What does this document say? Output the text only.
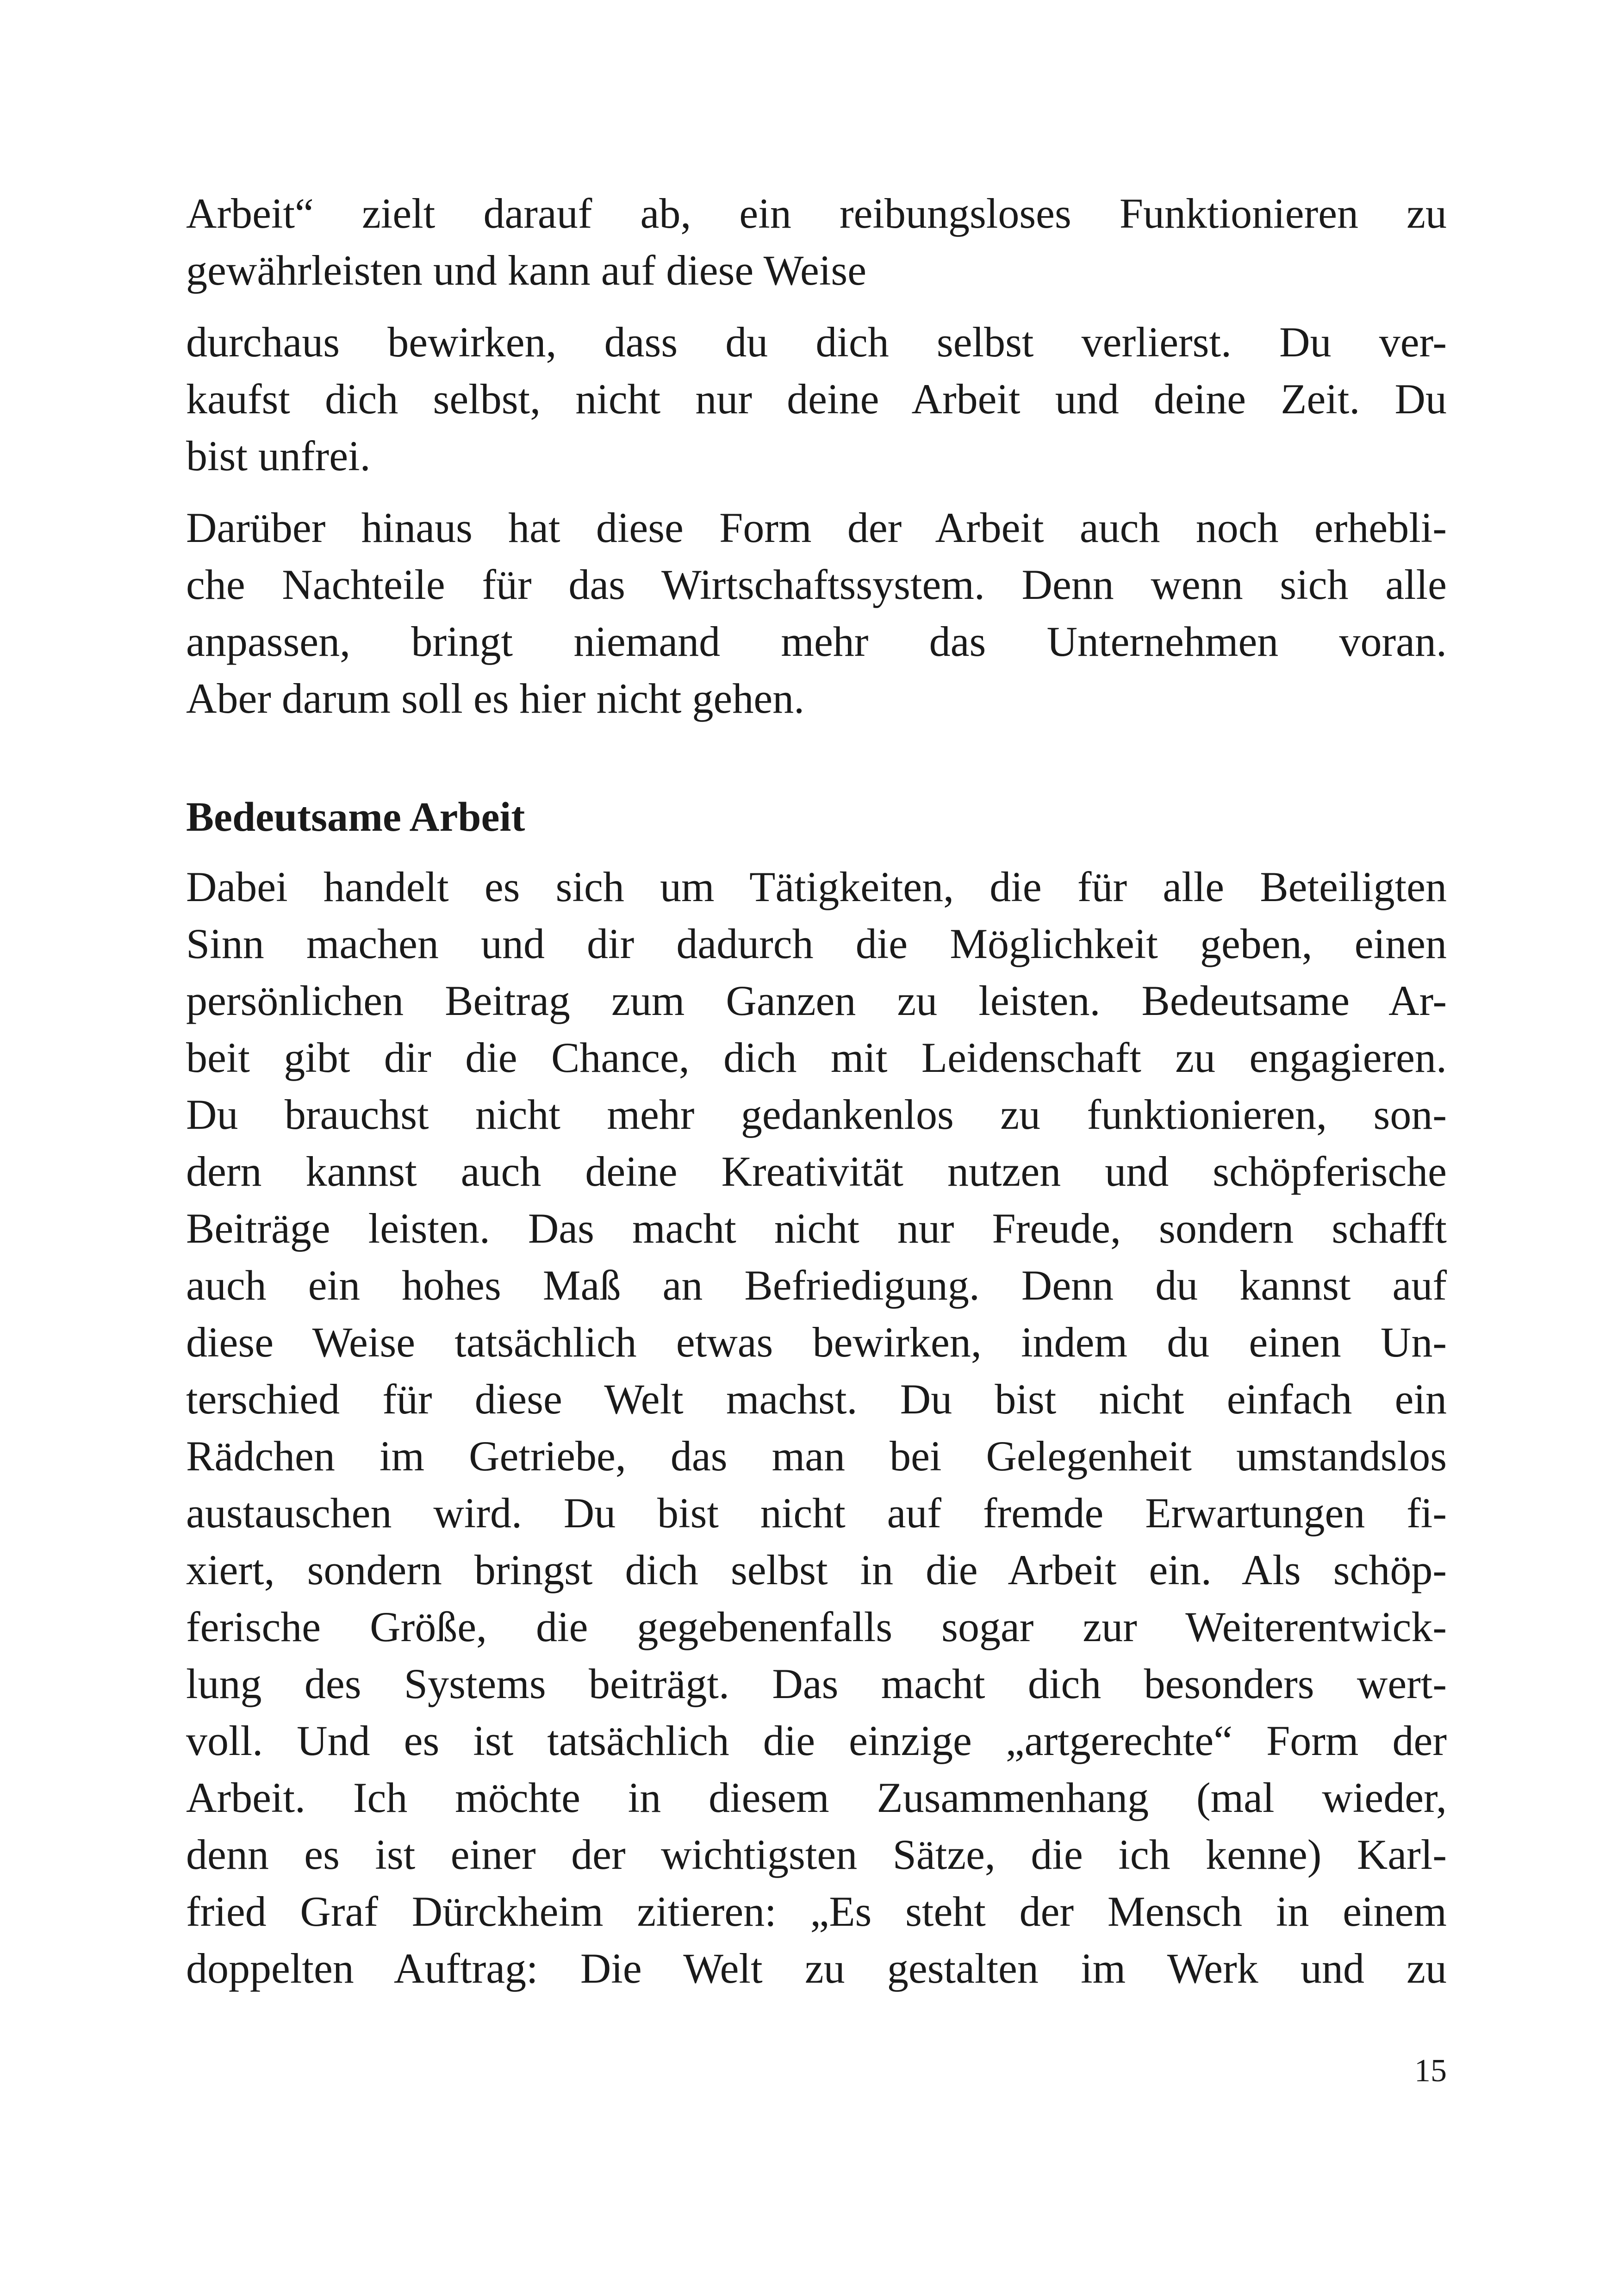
Arbeit“ zielt darauf ab, ein reibungsloses Funktionieren zu
gewährleisten und kann auf diese Weise
durchaus bewirken, dass du dich selbst verlierst. Du ver-
kaufst dich selbst, nicht nur deine Arbeit und deine Zeit. Du
bist unfrei.
Darüber hinaus hat diese Form der Arbeit auch noch erhebli-
che Nachteile für das Wirtschaftssystem. Denn wenn sich alle
anpassen, bringt niemand mehr das Unternehmen voran.
Aber darum soll es hier nicht gehen.
Bedeutsame Arbeit
Dabei handelt es sich um Tätigkeiten, die für alle Beteiligten
Sinn machen und dir dadurch die Möglichkeit geben, einen
persönlichen Beitrag zum Ganzen zu leisten. Bedeutsame Ar-
beit gibt dir die Chance, dich mit Leidenschaft zu engagieren.
Du brauchst nicht mehr gedankenlos zu funktionieren, son-
dern kannst auch deine Kreativität nutzen und schöpferische
Beiträge leisten. Das macht nicht nur Freude, sondern schafft
auch ein hohes Maß an Befriedigung. Denn du kannst auf
diese Weise tatsächlich etwas bewirken, indem du einen Un-
terschied für diese Welt machst. Du bist nicht einfach ein
Rädchen im Getriebe, das man bei Gelegenheit umstandslos
austauschen wird. Du bist nicht auf fremde Erwartungen fi-
xiert, sondern bringst dich selbst in die Arbeit ein. Als schöp-
ferische Größe, die gegebenenfalls sogar zur Weiterentwick-
lung des Systems beiträgt. Das macht dich besonders wert-
voll. Und es ist tatsächlich die einzige „artgerechte“ Form der
Arbeit. Ich möchte in diesem Zusammenhang (mal wieder,
denn es ist einer der wichtigsten Sätze, die ich kenne) Karl-
fried Graf Dürckheim zitieren: „Es steht der Mensch in einem
doppelten Auftrag: Die Welt zu gestalten im Werk und zu
15
